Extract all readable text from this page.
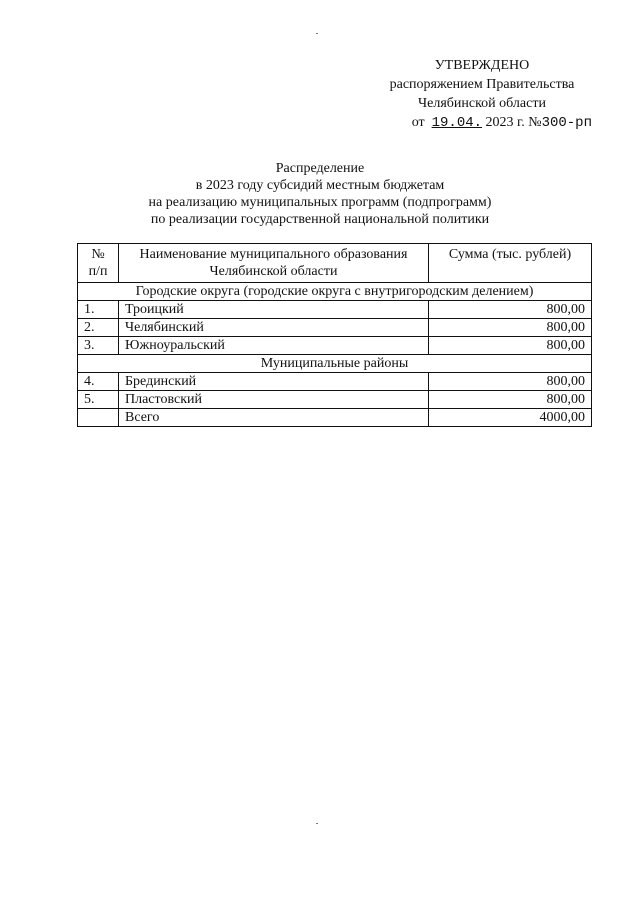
УТВЕРЖДЕНО
распоряжением Правительства
Челябинской области
от 19.04. 2023 г. №300-рп
Распределение
в 2023 году субсидий местным бюджетам
на реализацию муниципальных программ (подпрограмм)
по реализации государственной национальной политики
№ п/п	Наименование муниципального образования Челябинской области	Сумма (тыс. рублей)
Городские округа (городские округа с внутригородским делением)		
1.	Троицкий	800,00
2.	Челябинский	800,00
3.	Южноуральский	800,00
Муниципальные районы		
4.	Брединский	800,00
5.	Пластовский	800,00
	Всего	4000,00
